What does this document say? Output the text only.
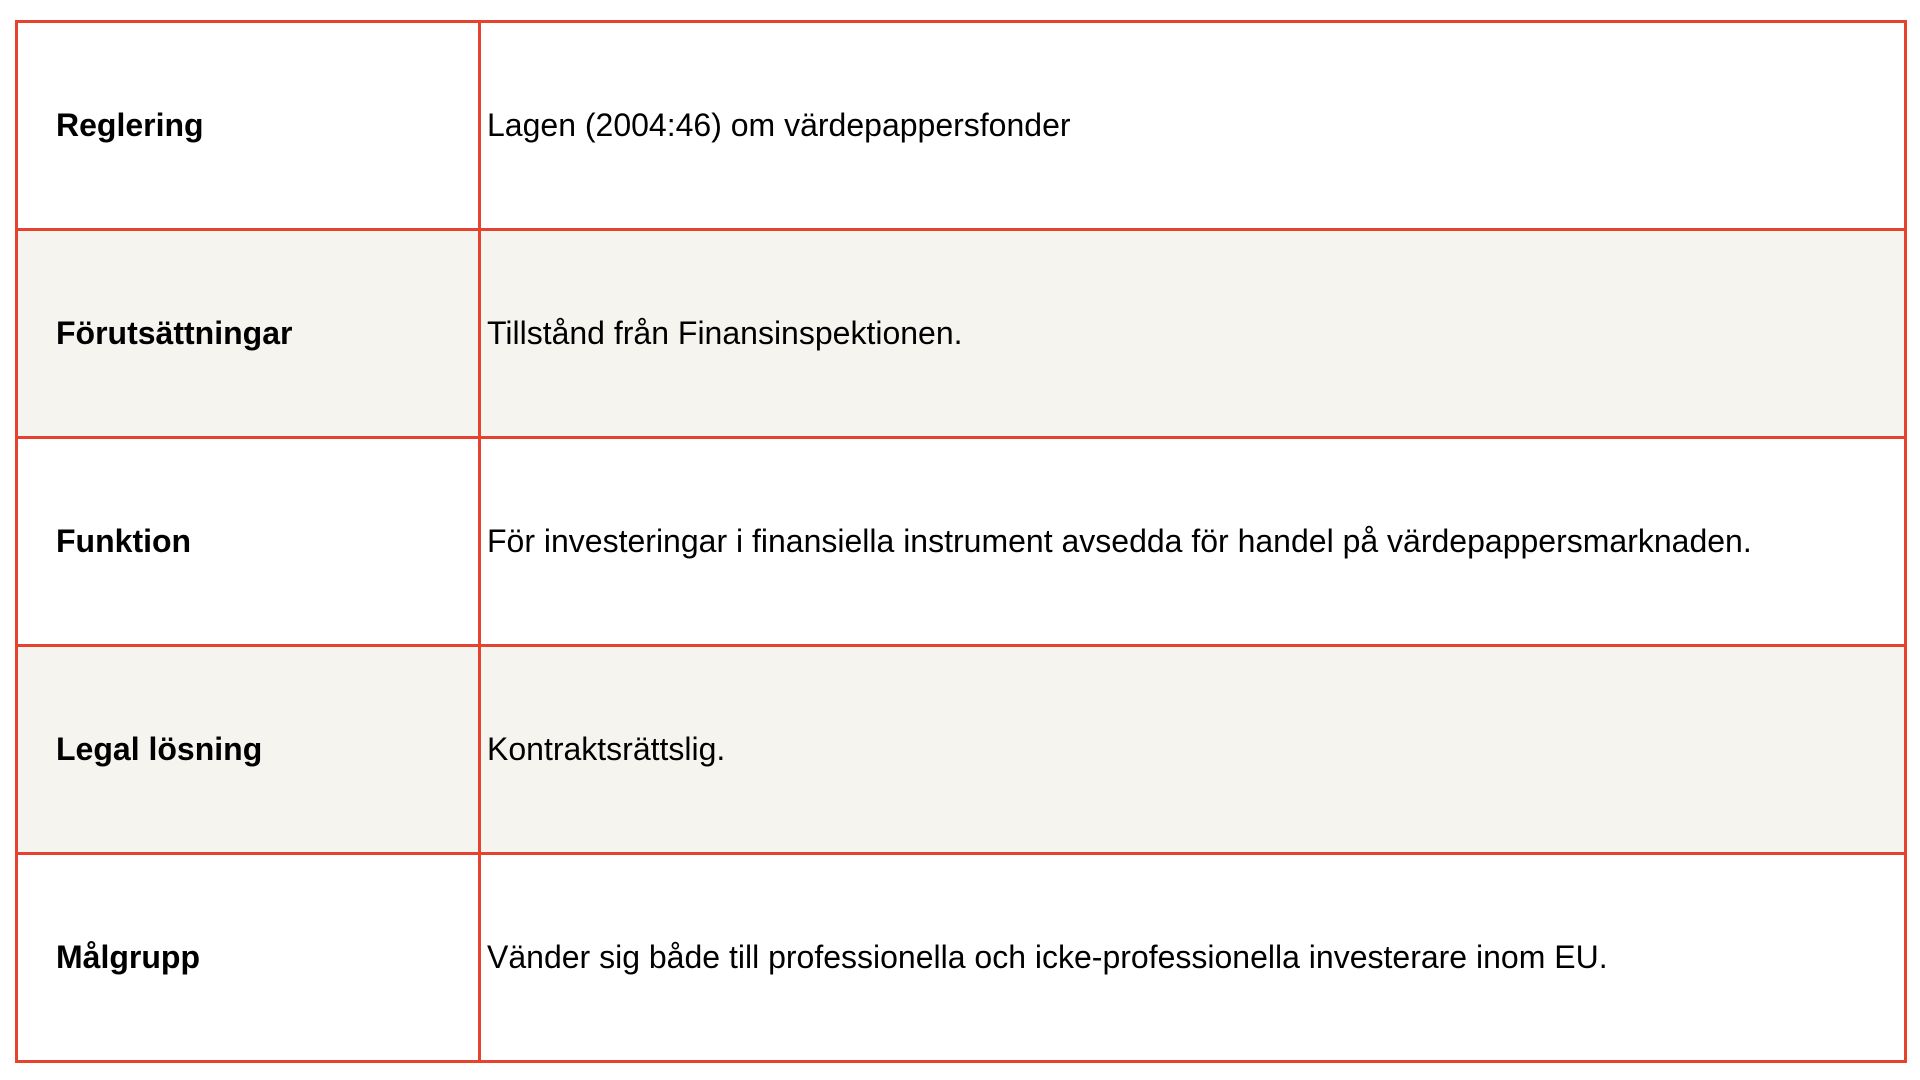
Reglering	Lagen (2004:46) om värdepappersfonder
Förutsättningar	Tillstånd från Finansinspektionen.
Funktion	För investeringar i finansiella instrument avsedda för handel på värdepappersmarknaden.
Legal lösning	Kontraktsrättslig.
Målgrupp	Vänder sig både till professionella och icke-professionella investerare inom EU.
